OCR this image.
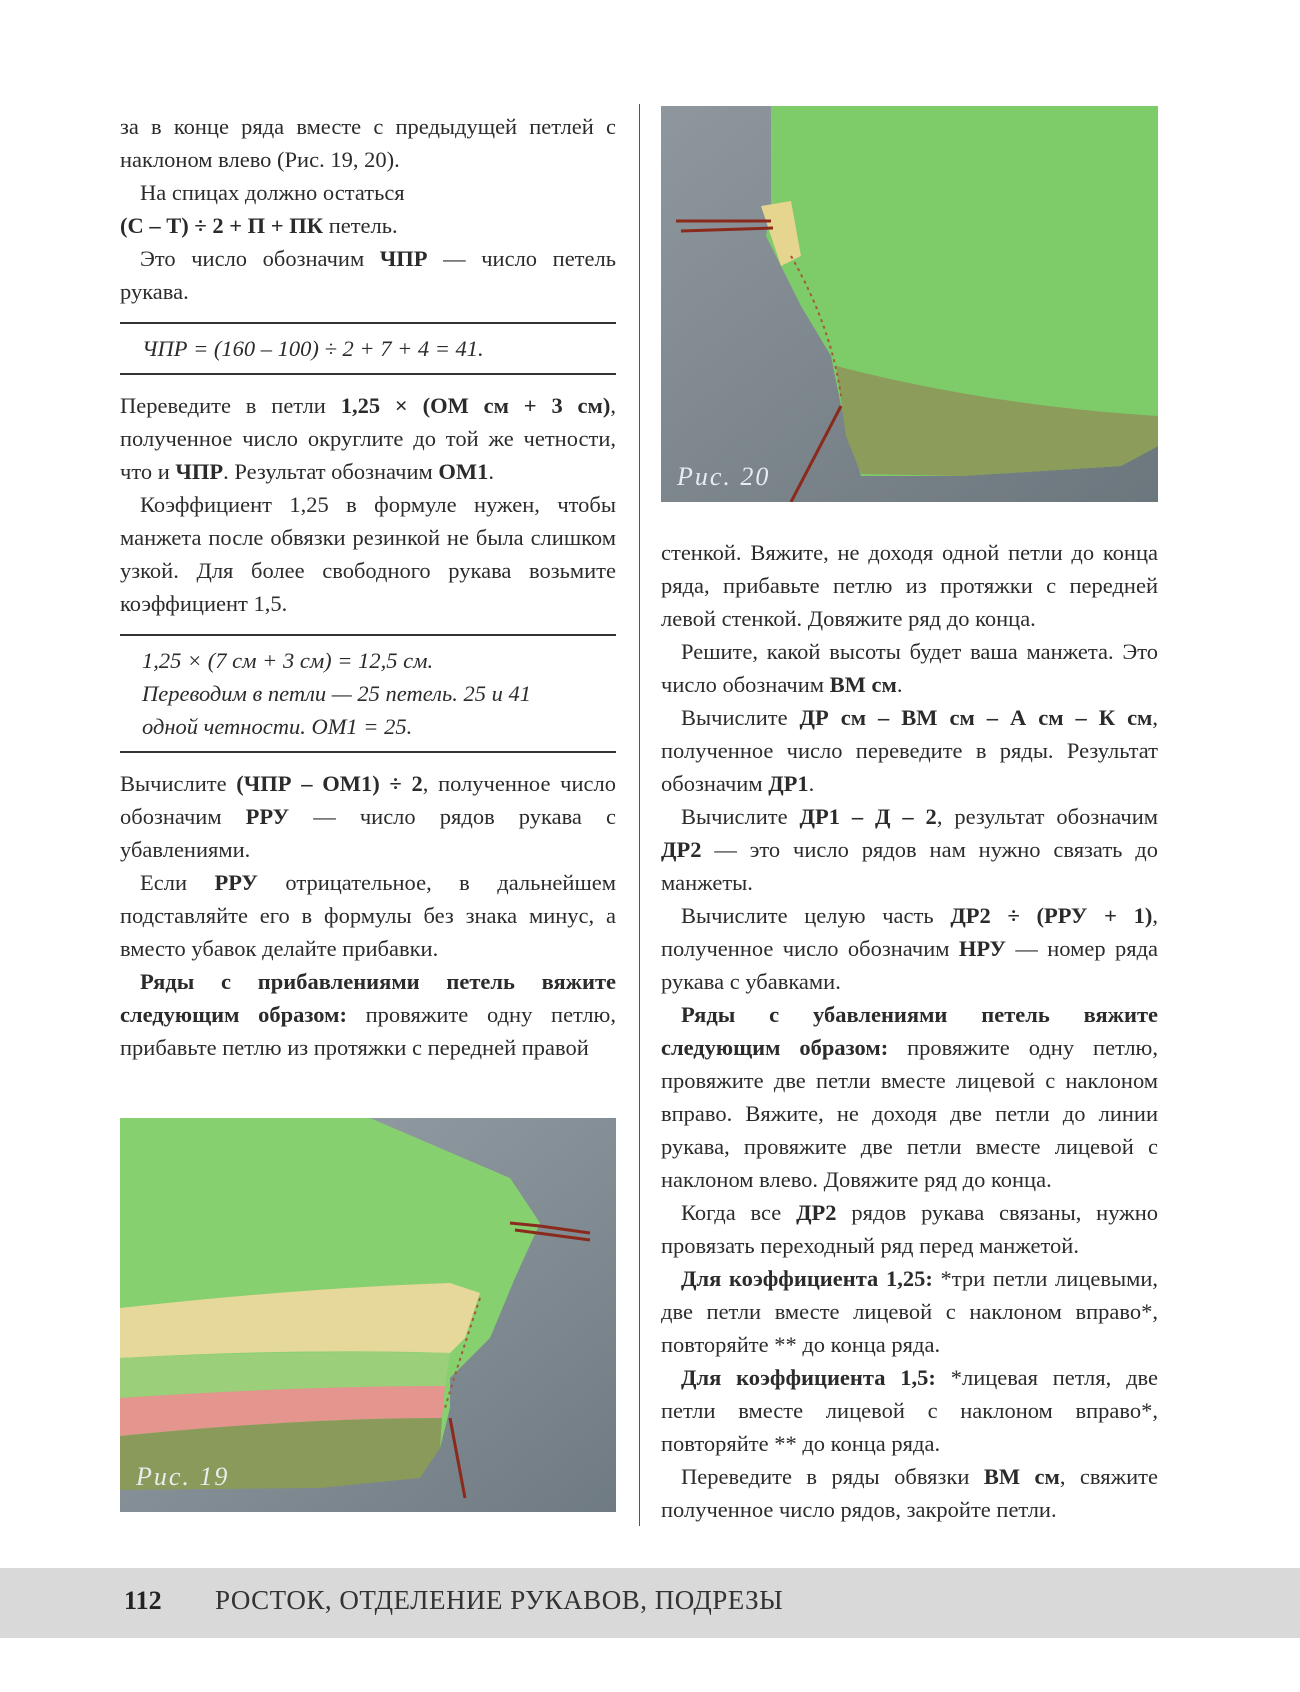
за в конце ряда вместе с предыдущей петлей с наклоном влево (Рис. 19, 20).

На спицах должно остаться

(С – Т) ÷ 2 + П + ПК петель.

Это число обозначим ЧПР — число петель рукава.

ЧПР = (160 – 100) ÷ 2 + 7 + 4 = 41.

Переведите в петли 1,25 × (ОМ см + 3 см), полученное число округлите до той же четности, что и ЧПР. Результат обозначим ОМ1.

Коэффициент 1,25 в формуле нужен, чтобы манжета после обвязки резинкой не была слишком узкой. Для более свободного рукава возьмите коэффициент 1,5.

1,25 × (7 см + 3 см) = 12,5 см.

Переводим в петли — 25 петель. 25 и 41

одной четности. ОМ1 = 25.

Вычислите (ЧПР – ОМ1) ÷ 2, полученное число обозначим РРУ — число рядов рукава с убавлениями.

Если РРУ отрицательное, в дальнейшем подставляйте его в формулы без знака минус, а вместо убавок делайте прибавки.

Ряды с прибавлениями петель вяжите следующим образом: провяжите одну петлю, прибавьте петлю из протяжки с передней правой

Рис. 19
Рис. 20

стенкой. Вяжите, не доходя одной петли до конца ряда, прибавьте петлю из протяжки с передней левой стенкой. Довяжите ряд до конца.

Решите, какой высоты будет ваша манжета. Это число обозначим ВМ см.

Вычислите ДР см – ВМ см – А см – К см, полученное число переведите в ряды. Результат обозначим ДР1.

Вычислите ДР1 – Д – 2, результат обозначим ДР2 — это число рядов нам нужно связать до манжеты.

Вычислите целую часть ДР2 ÷ (РРУ + 1), полученное число обозначим НРУ — номер ряда рукава с убавками.

Ряды с убавлениями петель вяжите следующим образом: провяжите одну петлю, провяжите две петли вместе лицевой с наклоном вправо. Вяжите, не доходя две петли до линии рукава, провяжите две петли вместе лицевой с наклоном влево. Довяжите ряд до конца.

Когда все ДР2 рядов рукава связаны, нужно провязать переходный ряд перед манжетой.

Для коэффициента 1,25: *три петли лицевыми, две петли вместе лицевой с наклоном вправо*, повторяйте ** до конца ряда.

Для коэффициента 1,5: *лицевая петля, две петли вместе лицевой с наклоном вправо*, повторяйте ** до конца ряда.

Переведите в ряды обвязки ВМ см, свяжите полученное число рядов, закройте петли.

112 РОСТОК, ОТДЕЛЕНИЕ РУКАВОВ, ПОДРЕЗЫ
